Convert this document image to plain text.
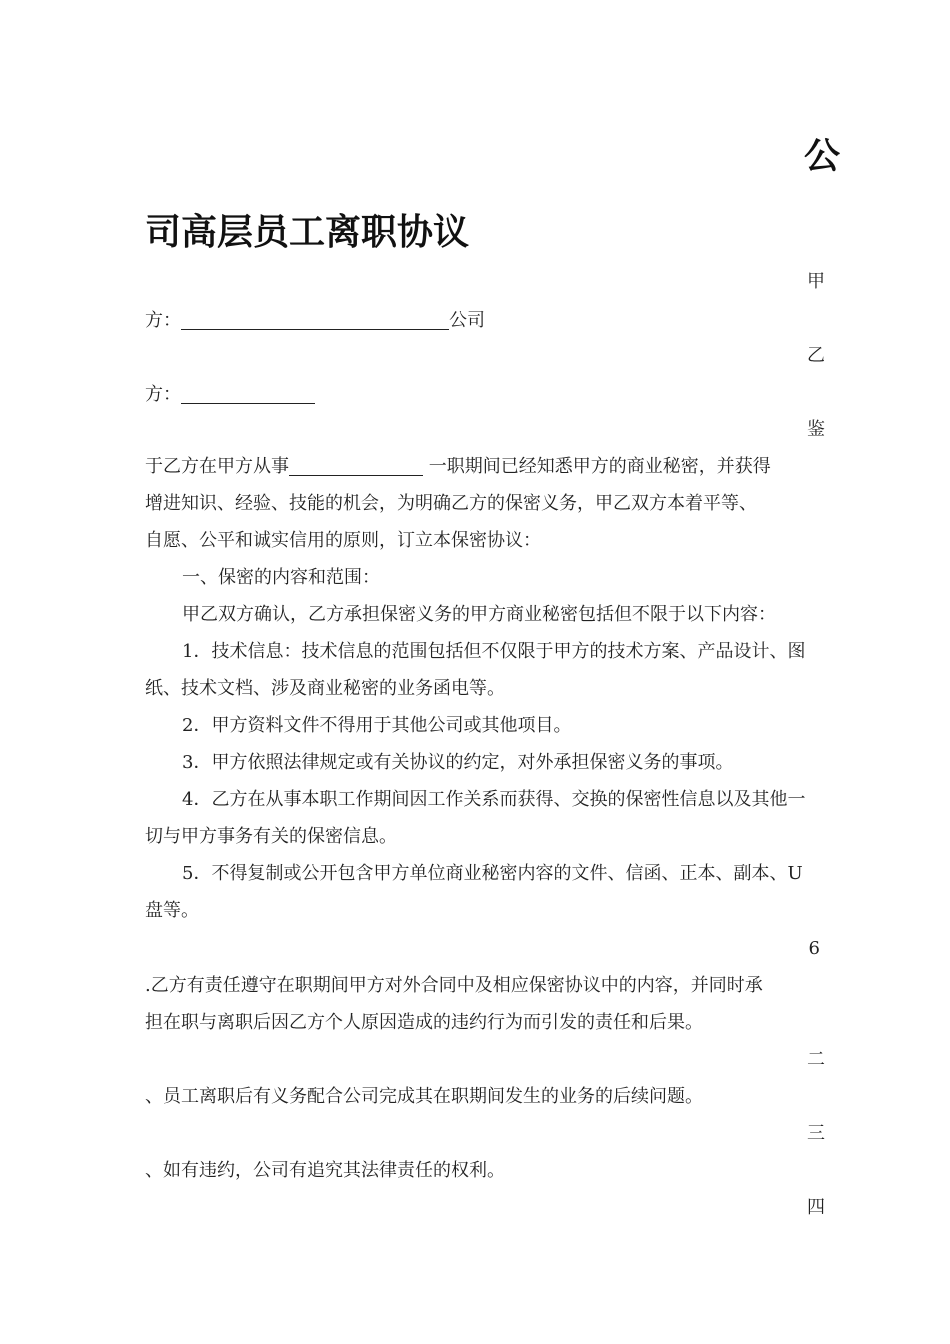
公
司高层员工离职协议
甲
方：	公司
乙
方：
鉴
于乙方在甲方从事	一职期间已经知悉甲方的商业秘密，并获得
增进知识、经验、技能的机会，为明确乙方的保密义务，甲乙双方本着平等、
自愿、公平和诚实信用的原则，订立本保密协议：
一、保密的内容和范围：
甲乙双方确认，乙方承担保密义务的甲方商业秘密包括但不限于以下内容：
1．技术信息：技术信息的范围包括但不仅限于甲方的技术方案、产品设计、图纸、技术文档、涉及商业秘密的业务函电等。
2．甲方资料文件不得用于其他公司或其他项目。
3．甲方依照法律规定或有关协议的约定，对外承担保密义务的事项。
4．乙方在从事本职工作期间因工作关系而获得、交换的保密性信息以及其他一切与甲方事务有关的保密信息。
5．不得复制或公开包含甲方单位商业秘密内容的文件、信函、正本、副本、U盘等。
6
.乙方有责任遵守在职期间甲方对外合同中及相应保密协议中的内容，并同时承
担在职与离职后因乙方个人原因造成的违约行为而引发的责任和后果。
二
、员工离职后有义务配合公司完成其在职期间发生的业务的后续问题。
三
、如有违约，公司有追究其法律责任的权利。
四
